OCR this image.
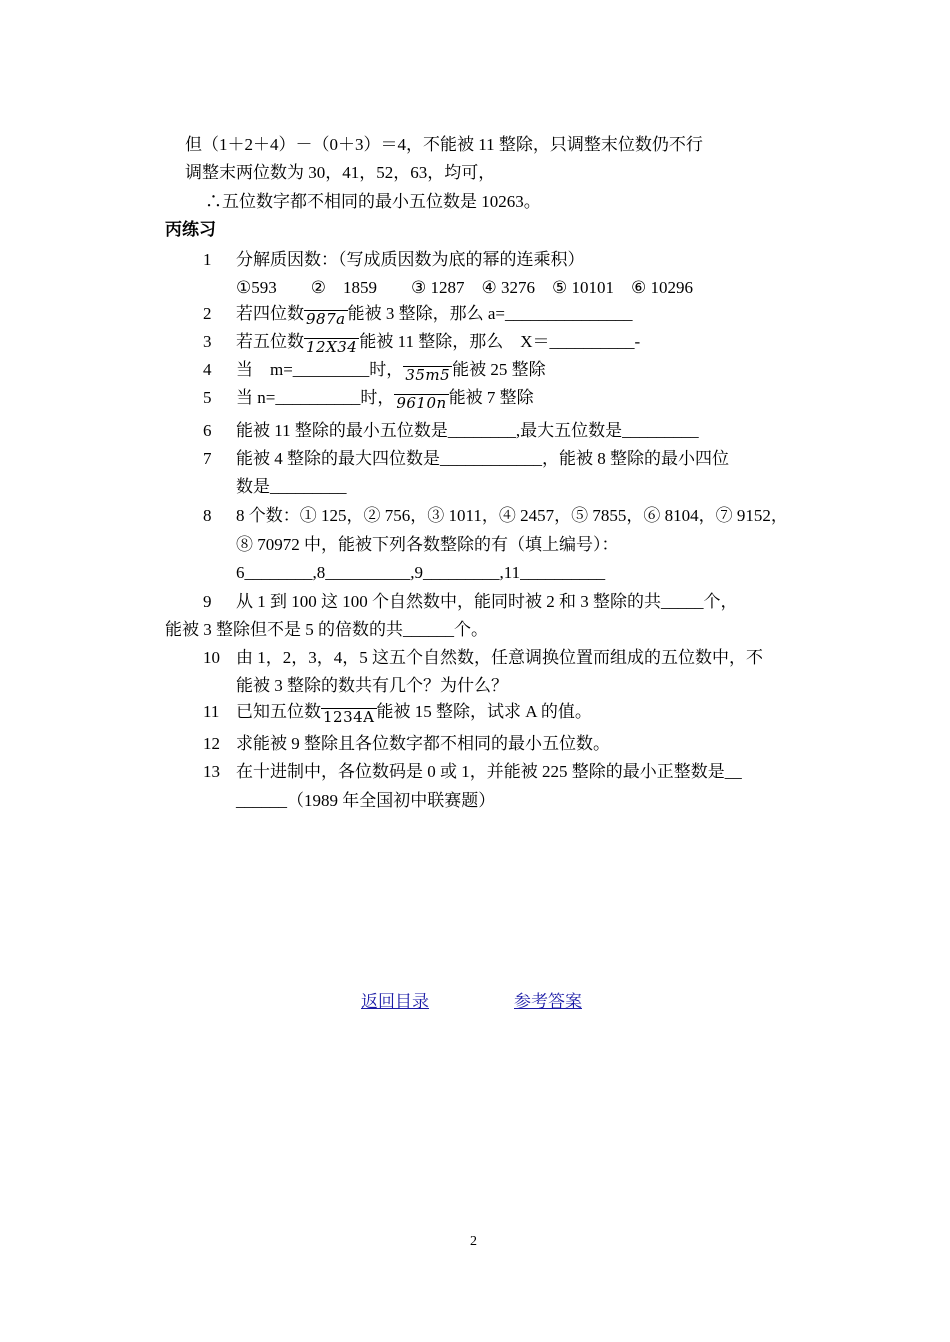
但（1＋2＋4）－（0＋3）＝4，不能被 11 整除，只调整末位数仍不行
调整末两位数为 30，41，52，63，均可，
∴五位数字都不相同的最小五位数是 10263。
丙练习
1 分解质因数：（写成质因数为底的幂的连乘积）
①593　　②　1859　　③ 1287　④ 3276　⑤ 10101　⑥ 10296
2 若四位数 987a 能被 3 整除，那么 a=_______________
3 若五位数 12X34 能被 11 整除，那么　X＝__________-
4 当　m=_________时， 35m5 能被 25 整除
5 当 n=__________时， 9610n 能被 7 整除
6 能被 11 整除的最小五位数是________,最大五位数是_________
7 能被 4 整除的最大四位数是____________，能被 8 整除的最小四位
数是_________
8 8 个数：① 125，② 756，③ 1011，④ 2457，⑤ 7855，⑥ 8104，⑦ 9152，
⑧ 70972 中，能被下列各数整除的有（填上编号）：
6________,8__________,9_________,11__________
9 从 1 到 100 这 100 个自然数中，能同时被 2 和 3 整除的共_____个，
能被 3 整除但不是 5 的倍数的共______个。
10 由 1，2，3，4，5 这五个自然数，任意调换位置而组成的五位数中，不
能被 3 整除的数共有几个？为什么？
11 已知五位数 1234A 能被 15 整除，试求 A 的值。
12 求能被 9 整除且各位数字都不相同的最小五位数。
13 在十进制中，各位数码是 0 或 1，并能被 225 整除的最小正整数是__
______（1989 年全国初中联赛题）
返回目录	参考答案
2
